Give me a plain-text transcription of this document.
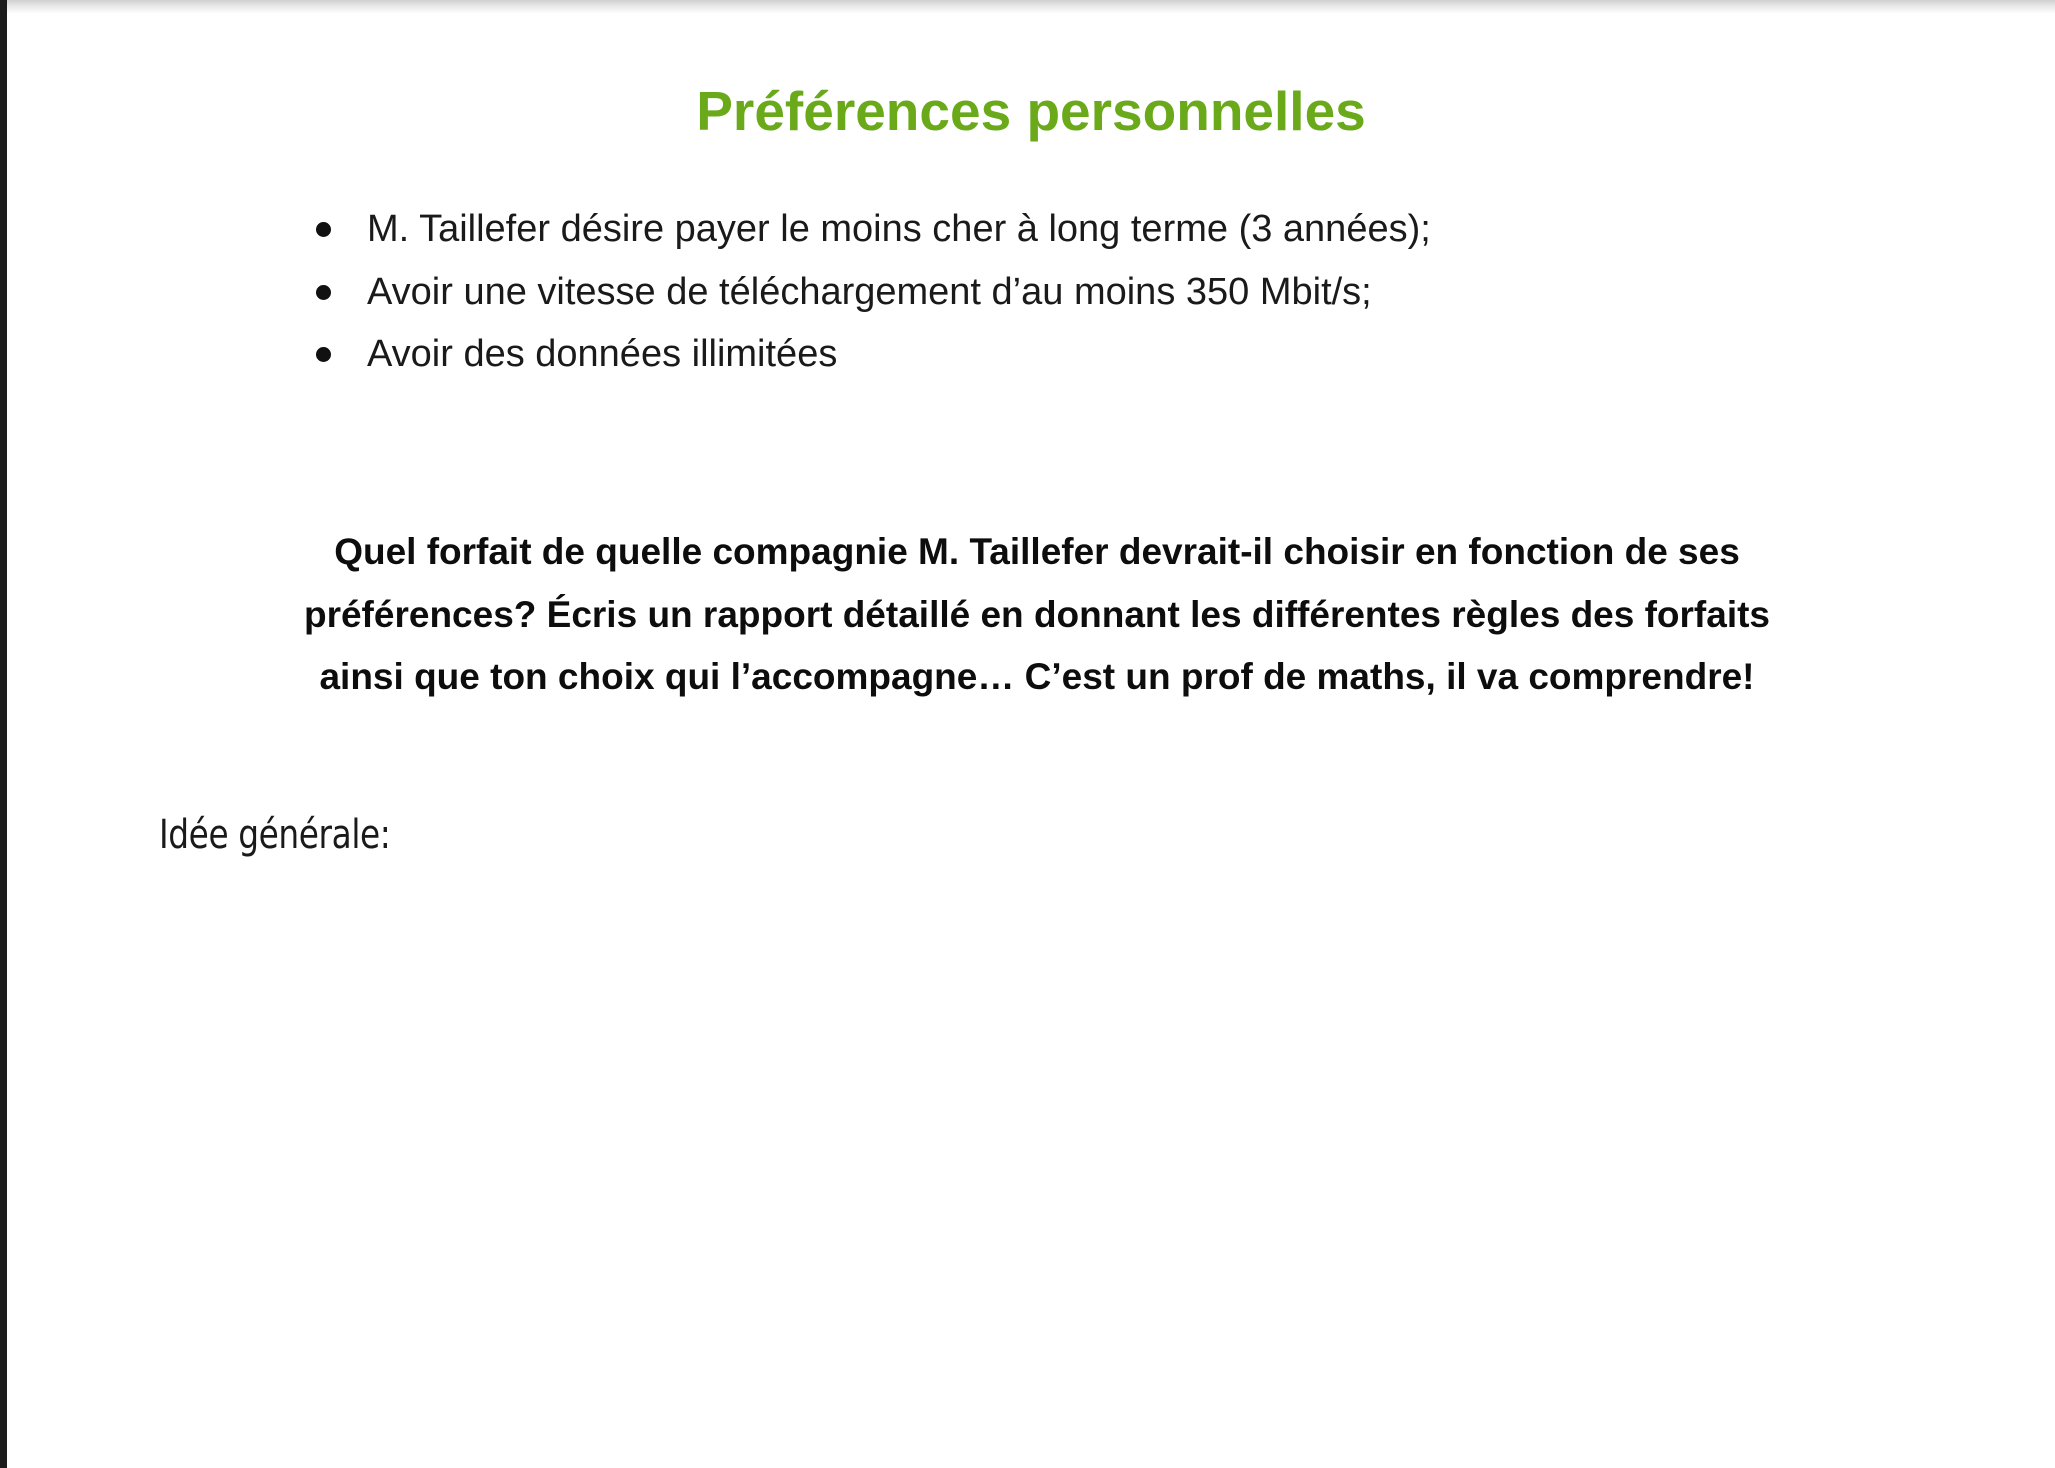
Préférences personnelles
M. Taillefer désire payer le moins cher à long terme (3 années);
Avoir une vitesse de téléchargement d’au moins 350 Mbit/s;
Avoir des données illimitées
Quel forfait de quelle compagnie M. Taillefer devrait-il choisir en fonction de ses
préférences? Écris un rapport détaillé en donnant les différentes règles des forfaits
ainsi que ton choix qui l’accompagne… C’est un prof de maths, il va comprendre!
Idée générale:
